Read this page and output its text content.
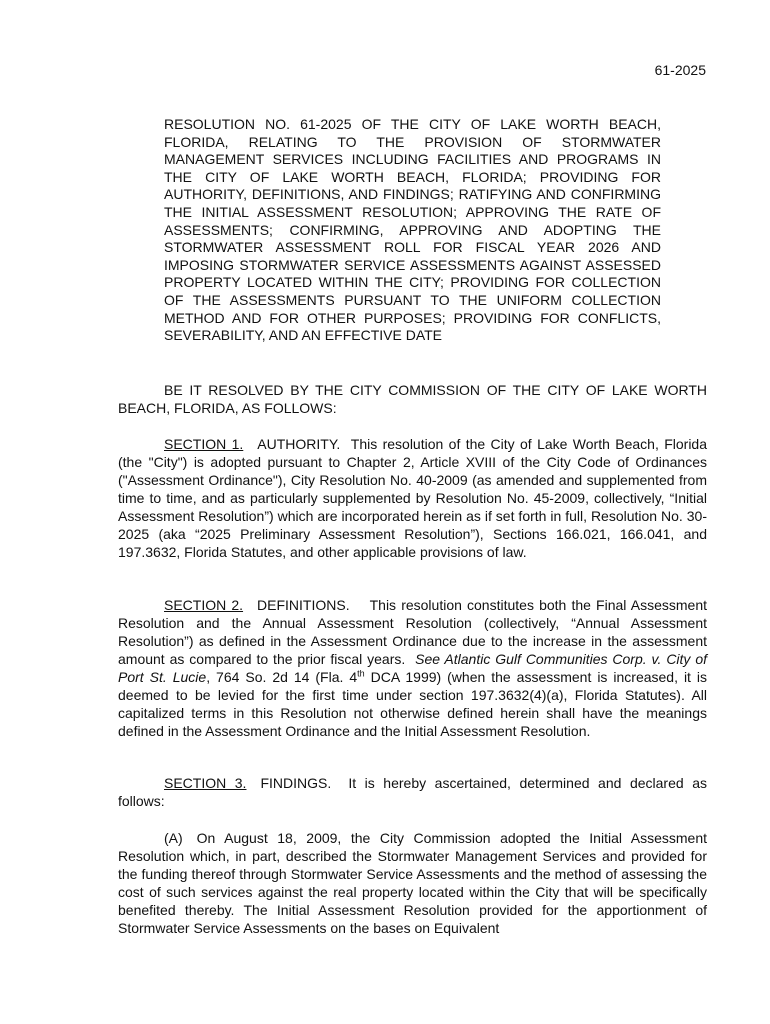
61-2025
RESOLUTION NO. 61-2025 OF THE CITY OF LAKE WORTH BEACH, FLORIDA, RELATING TO THE PROVISION OF STORMWATER MANAGEMENT SERVICES INCLUDING FACILITIES AND PROGRAMS IN THE CITY OF LAKE WORTH BEACH, FLORIDA; PROVIDING FOR AUTHORITY, DEFINITIONS, AND FINDINGS; RATIFYING AND CONFIRMING THE INITIAL ASSESSMENT RESOLUTION; APPROVING THE RATE OF ASSESSMENTS; CONFIRMING, APPROVING AND ADOPTING THE STORMWATER ASSESSMENT ROLL FOR FISCAL YEAR 2026 AND IMPOSING STORMWATER SERVICE ASSESSMENTS AGAINST ASSESSED PROPERTY LOCATED WITHIN THE CITY; PROVIDING FOR COLLECTION OF THE ASSESSMENTS PURSUANT TO THE UNIFORM COLLECTION METHOD AND FOR OTHER PURPOSES; PROVIDING FOR CONFLICTS, SEVERABILITY, AND AN EFFECTIVE DATE
BE IT RESOLVED BY THE CITY COMMISSION OF THE CITY OF LAKE WORTH BEACH, FLORIDA, AS FOLLOWS:
SECTION 1. AUTHORITY. This resolution of the City of Lake Worth Beach, Florida (the "City") is adopted pursuant to Chapter 2, Article XVIII of the City Code of Ordinances ("Assessment Ordinance"), City Resolution No. 40-2009 (as amended and supplemented from time to time, and as particularly supplemented by Resolution No. 45-2009, collectively, “Initial Assessment Resolution”) which are incorporated herein as if set forth in full, Resolution No. 30-2025 (aka “2025 Preliminary Assessment Resolution”), Sections 166.021, 166.041, and 197.3632, Florida Statutes, and other applicable provisions of law.
SECTION 2. DEFINITIONS. This resolution constitutes both the Final Assessment Resolution and the Annual Assessment Resolution (collectively, “Annual Assessment Resolution”) as defined in the Assessment Ordinance due to the increase in the assessment amount as compared to the prior fiscal years. See Atlantic Gulf Communities Corp. v. City of Port St. Lucie, 764 So. 2d 14 (Fla. 4th DCA 1999) (when the assessment is increased, it is deemed to be levied for the first time under section 197.3632(4)(a), Florida Statutes). All capitalized terms in this Resolution not otherwise defined herein shall have the meanings defined in the Assessment Ordinance and the Initial Assessment Resolution.
SECTION 3. FINDINGS. It is hereby ascertained, determined and declared as follows:
(A) On August 18, 2009, the City Commission adopted the Initial Assessment Resolution which, in part, described the Stormwater Management Services and provided for the funding thereof through Stormwater Service Assessments and the method of assessing the cost of such services against the real property located within the City that will be specifically benefited thereby. The Initial Assessment Resolution provided for the apportionment of Stormwater Service Assessments on the bases on Equivalent
